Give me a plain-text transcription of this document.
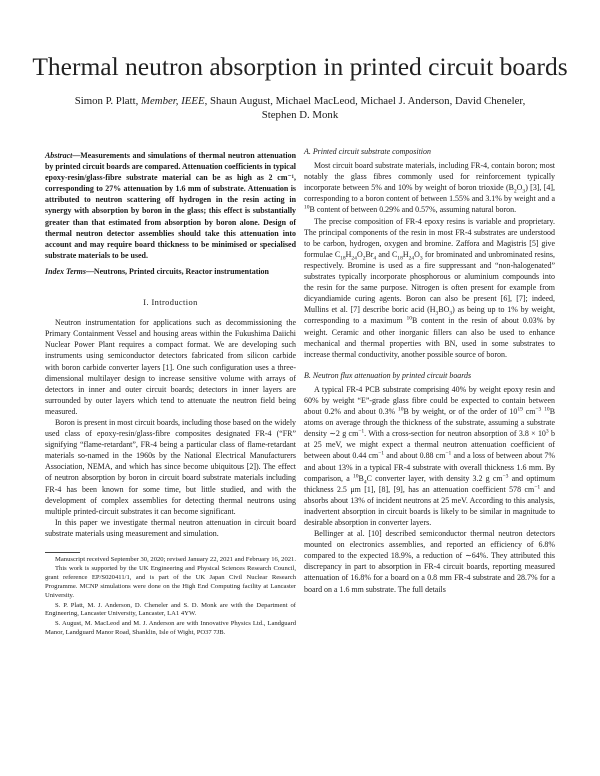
Thermal neutron absorption in printed circuit boards
Simon P. Platt, Member, IEEE, Shaun August, Michael MacLeod, Michael J. Anderson, David Cheneler,
Stephen D. Monk
Abstract—Measurements and simulations of thermal neutron attenuation by printed circuit boards are compared. Attenuation coefficients in typical epoxy-resin/glass-fibre substrate material can be as high as 2 cm⁻¹, corresponding to 27% attenuation by 1.6 mm of substrate. Attenuation is attributed to neutron scattering off hydrogen in the resin acting in synergy with absorption by boron in the glass; this effect is substantially greater than that estimated from absorption by boron alone. Design of thermal neutron detector assemblies should take this attenuation into account and may require board thickness to be minimised or specialised substrate materials to be used.
Index Terms—Neutrons, Printed circuits, Reactor instrumentation
I. Introduction

Neutron instrumentation for applications such as decommissioning the Primary Containment Vessel and housing areas within the Fukushima Daiichi Nuclear Power Plant requires a compact format. We are developing such instruments using semiconductor detectors fabricated from silicon carbide with boron carbide converter layers [1]. One such configuration uses a three-dimensional multilayer design to increase sensitive volume with arrays of detectors in inner and outer circuit boards; detectors in inner layers are surrounded by outer layers which tend to attenuate the neutron field being measured.

Boron is present in most circuit boards, including those based on the widely used class of epoxy-resin/glass-fibre composites designated FR-4 (“FR” signifying “flame-retardant”, FR-4 being a particular class of flame-retardant materials so-named in the 1960s by the National Electrical Manufacturers Association, NEMA, and which has since become ubiquitous [2]). The effect of neutron absorption by boron in circuit board substrate materials including FR-4 has been known for some time, but little studied, and with the development of complex assemblies for detecting thermal neutrons using multiple printed-circuit substrates it can become significant.

In this paper we investigate thermal neutron attenuation in circuit board substrate materials using measurement and simulation.

Manuscript received September 30, 2020; revised January 22, 2021 and February 16, 2021.
This work is supported by the UK Engineering and Physical Sciences Research Council, grant reference EP/S020411/1, and is part of the UK Japan Civil Nuclear Research Programme. MCNP simulations were done on the High End Computing facility at Lancaster University.
S. P. Platt, M. J. Anderson, D. Cheneler and S. D. Monk are with the Department of Engineering, Lancaster University, Lancaster, LA1 4YW.
S. August, M. MacLeod and M. J. Anderson are with Innovative Physics Ltd., Landguard Manor, Landguard Manor Road, Shanklin, Isle of Wight, PO37 7JB.
A. Printed circuit substrate composition

Most circuit board substrate materials, including FR-4, contain boron; most notably the glass fibres commonly used for reinforcement typically incorporate between 5% and 10% by weight of boron trioxide $(B_2O_3)$ [3], [4], corresponding to a boron content of between 1.55% and 3.1% by weight and a $^{10}$B content of between 0.29% and 0.57%, assuming natural boron.

The precise composition of FR-4 epoxy resins is variable and proprietary. The principal components of the resin in most FR-4 substrates are understood to be carbon, hydrogen, oxygen and bromine. Zaffora and Magistris [5] give formulae $C_{18}H_{24}O_2Br_4$ and $C_{18}H_{24}O_3$ for brominated and unbrominated resins, respectively. Bromine is used as a fire suppressant and “non-halogenated” substrates typically incorporate phosphorous or aluminium compounds into the resin for the same purpose. Nitrogen is often present for example from dicyandiamide curing agents. Boron can also be present [6], [7]; indeed, Mullins et al. [7] describe boric acid $(H_3BO_3)$ as being up to 1% by weight, corresponding to a maximum $^{10}$B content in the resin of about 0.03% by weight. Ceramic and other inorganic fillers can also be used to enhance mechanical and thermal properties with BN, used in some substrates to increase thermal conductivity, another possible source of boron.

B. Neutron flux attenuation by printed circuit boards

A typical FR-4 PCB substrate comprising 40% by weight epoxy resin and 60% by weight “E”-grade glass fibre could be expected to contain between about 0.2% and about 0.3% $^{10}$B by weight, or of the order of $10^{19}$ $cm^{-3}$ $^{10}$B atoms on average through the thickness of the substrate, assuming a substrate density ∼2 g $cm^{-1}$. With a cross-section for neutron absorption of $3.8 \times 10^3$ b at 25 meV, we might expect a thermal neutron attenuation coefficient of between about 0.44 $cm^{-1}$ and about 0.88 $cm^{-1}$ and a loss of between about 7% and about 13% in a typical FR-4 substrate with overall thickness 1.6 mm. By comparison, a $^{10}B_4C$ converter layer, with density 3.2 g $cm^{-3}$ and optimum thickness 2.5 μm [1], [8], [9], has an attenuation coefficient 578 $cm^{-1}$ and absorbs about 13% of incident neutrons at 25 meV. According to this analysis, inadvertent absorption in circuit boards is likely to be similar in magnitude to desirable absorption in converter layers.

Bellinger at al. [10] described semiconductor thermal neutron detectors mounted on electronics assemblies, and reported an efficiency of 6.8% compared to the expected 18.9%, a reduction of ∼64%. They attributed this discrepancy in part to absorption in FR-4 circuit boards, reporting measured attenuation of 16.8% for a board on a 0.8 mm FR-4 substrate and 28.7% for a board on a 1.6 mm substrate. The full details
